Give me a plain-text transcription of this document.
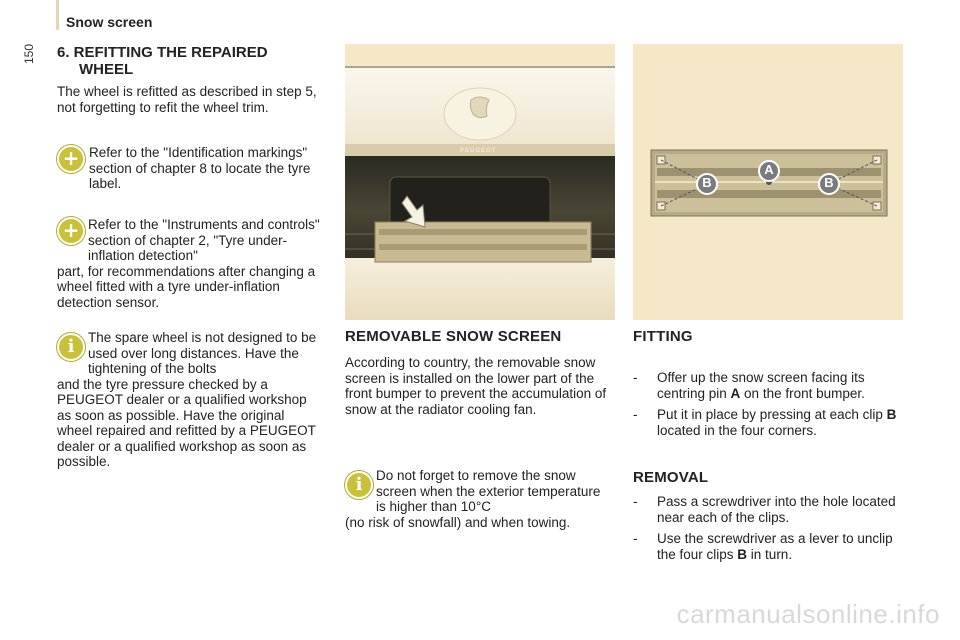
150
Snow screen
6. REFITTING THE REPAIRED
WHEEL
The wheel is refitted as described in step 5, not forgetting to refit the wheel trim.
+ Refer to the "Identification markings" section of chapter 8 to locate the tyre label.
+ Refer to the "Instruments and controls" section of chapter 2, "Tyre under-inflation detection"
part, for recommendations after changing a wheel fitted with a tyre under-inflation detection sensor.
i	The spare wheel is not designed to be used over long distances. Have the tightening of the bolts
and the tyre pressure checked by a PEUGEOT dealer or a qualified workshop as soon as possible. Have the original wheel repaired and refitted by a PEUGEOT dealer or a qualified workshop as soon as possible.
PEUGEOT
REMOVABLE SNOW SCREEN
According to country, the removable snow screen is installed on the lower part of the front bumper to prevent the accumulation of snow at the radiator cooling fan.
i	Do not forget to remove the snow screen when the exterior temperature is higher than 10°C
(no risk of snowfall) and when towing.
B
A
B
FITTING
- Offer up the snow screen facing its centring pin A on the front bumper.
- Put it in place by pressing at each clip B located in the four corners.
REMOVAL
- Pass a screwdriver into the hole located near each of the clips.
- Use the screwdriver as a lever to unclip the four clips B in turn.
carmanualsonline.info
